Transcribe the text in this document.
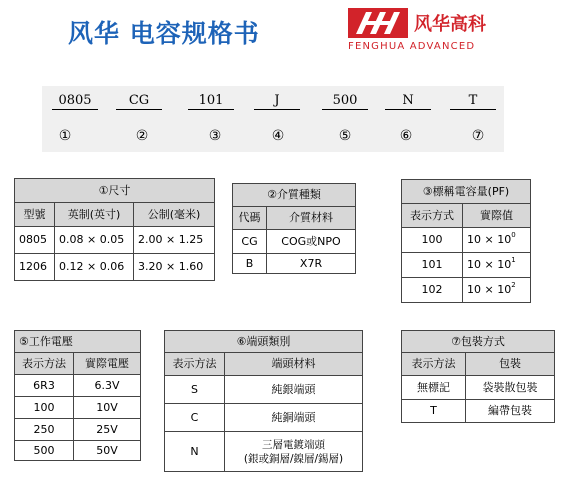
风华 电容规格书	风华高科
FENGHUA ADVANCED
0805	CG	101	J	500	N	T
①	②	③	④	⑤	⑥	⑦
①尺寸		
型號	英制(英寸)	公制(毫米)
0805	0.08 × 0.05	2.00 × 1.25
1206	0.12 × 0.06	3.20 × 1.60
②介質種類	
代碼	介質材料
CG	COG或NPO
B	X7R
③標稱電容量(PF)	
表示方式	實際值
100	$10 \times 10^0$
101	$10 \times 10^1$
102	$10 \times 10^2$
⑤工作電壓	
表示方法	實際電壓
6R3	6.3V
100	10V
250	25V
500	50V
⑥端頭類別	
表示方法	端頭材料
S	純銀端頭
C	純銅端頭
N	三層電鍍端頭
(銀或銅層/鎳層/錫層)
⑦包裝方式	
表示方法	包裝
無標記	袋裝散包裝
T	編帶包裝
